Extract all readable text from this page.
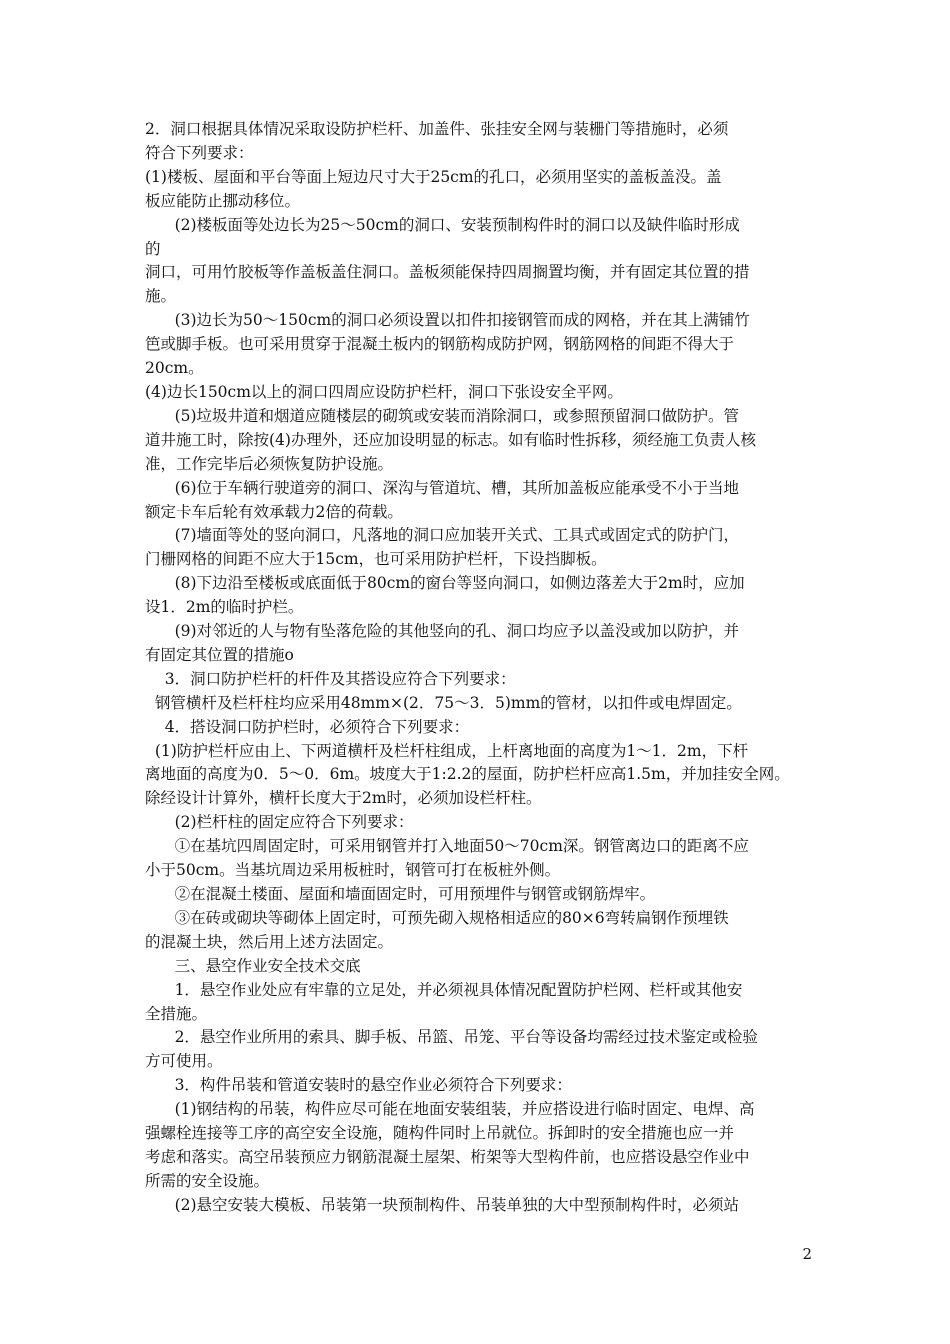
2．洞口根据具体情况采取设防护栏杆、加盖件、张挂安全网与装栅门等措施时，必须
符合下列要求：
(1)楼板、屋面和平台等面上短边尺寸大于25cm的孔口，必须用坚实的盖板盖没。盖
板应能防止挪动移位。
(2)楼板面等处边长为25～50cm的洞口、安装预制构件时的洞口以及缺件临时形成
的
洞口，可用竹胶板等作盖板盖住洞口。盖板须能保持四周搁置均衡，并有固定其位置的措
施。
(3)边长为50～150cm的洞口必须设置以扣件扣接钢管而成的网格，并在其上满铺竹
笆或脚手板。也可采用贯穿于混凝土板内的钢筋构成防护网，钢筋网格的间距不得大于
20cm。
(4)边长150cm以上的洞口四周应设防护栏杆，洞口下张设安全平网。
(5)垃圾井道和烟道应随楼层的砌筑或安装而消除洞口，或参照预留洞口做防护。管
道井施工时，除按(4)办理外，还应加设明显的标志。如有临时性拆移，须经施工负责人核
准，工作完毕后必须恢复防护设施。
(6)位于车辆行驶道旁的洞口、深沟与管道坑、槽，其所加盖板应能承受不小于当地
额定卡车后轮有效承载力2倍的荷载。
(7)墙面等处的竖向洞口，凡落地的洞口应加装开关式、工具式或固定式的防护门，
门栅网格的间距不应大于15cm，也可采用防护栏杆，下设挡脚板。
(8)下边沿至楼板或底面低于80cm的窗台等竖向洞口，如侧边落差大于2m时，应加
设1．2m的临时护栏。
(9)对邻近的人与物有坠落危险的其他竖向的孔、洞口均应予以盖没或加以防护，并
有固定其位置的措施o
3．洞口防护栏杆的杆件及其搭设应符合下列要求：
钢管横杆及栏杆柱均应采用48mm×(2．75～3．5)mm的管材，以扣件或电焊固定。
4．搭设洞口防护栏时，必须符合下列要求：
(1)防护栏杆应由上、下两道横杆及栏杆柱组成，上杆离地面的高度为1～1．2m，下杆
离地面的高度为0．5～0．6m。坡度大于1:2.2的屋面，防护栏杆应高1.5m，并加挂安全网。
除经设计计算外，横杆长度大于2m时，必须加设栏杆柱。
(2)栏杆柱的固定应符合下列要求：
①在基坑四周固定时，可采用钢管并打入地面50～70cm深。钢管离边口的距离不应
小于50cm。当基坑周边采用板桩时，钢管可打在板桩外侧。
②在混凝土楼面、屋面和墙面固定时，可用预埋件与钢管或钢筋焊牢。
③在砖或砌块等砌体上固定时，可预先砌入规格相适应的80×6弯转扁钢作预埋铁
的混凝土块，然后用上述方法固定。
三、悬空作业安全技术交底
1．悬空作业处应有牢靠的立足处，并必须视具体情况配置防护栏网、栏杆或其他安
全措施。
2．悬空作业所用的索具、脚手板、吊篮、吊笼、平台等设备均需经过技术鉴定或检验
方可使用。
3．构件吊装和管道安装时的悬空作业必须符合下列要求：
(1)钢结构的吊装，构件应尽可能在地面安装组装，并应搭设进行临时固定、电焊、高
强螺栓连接等工序的高空安全设施，随构件同时上吊就位。拆卸时的安全措施也应一并
考虑和落实。高空吊装预应力钢筋混凝土屋架、桁架等大型构件前，也应搭设悬空作业中
所需的安全设施。
(2)悬空安装大模板、吊装第一块预制构件、吊装单独的大中型预制构件时，必须站
2
